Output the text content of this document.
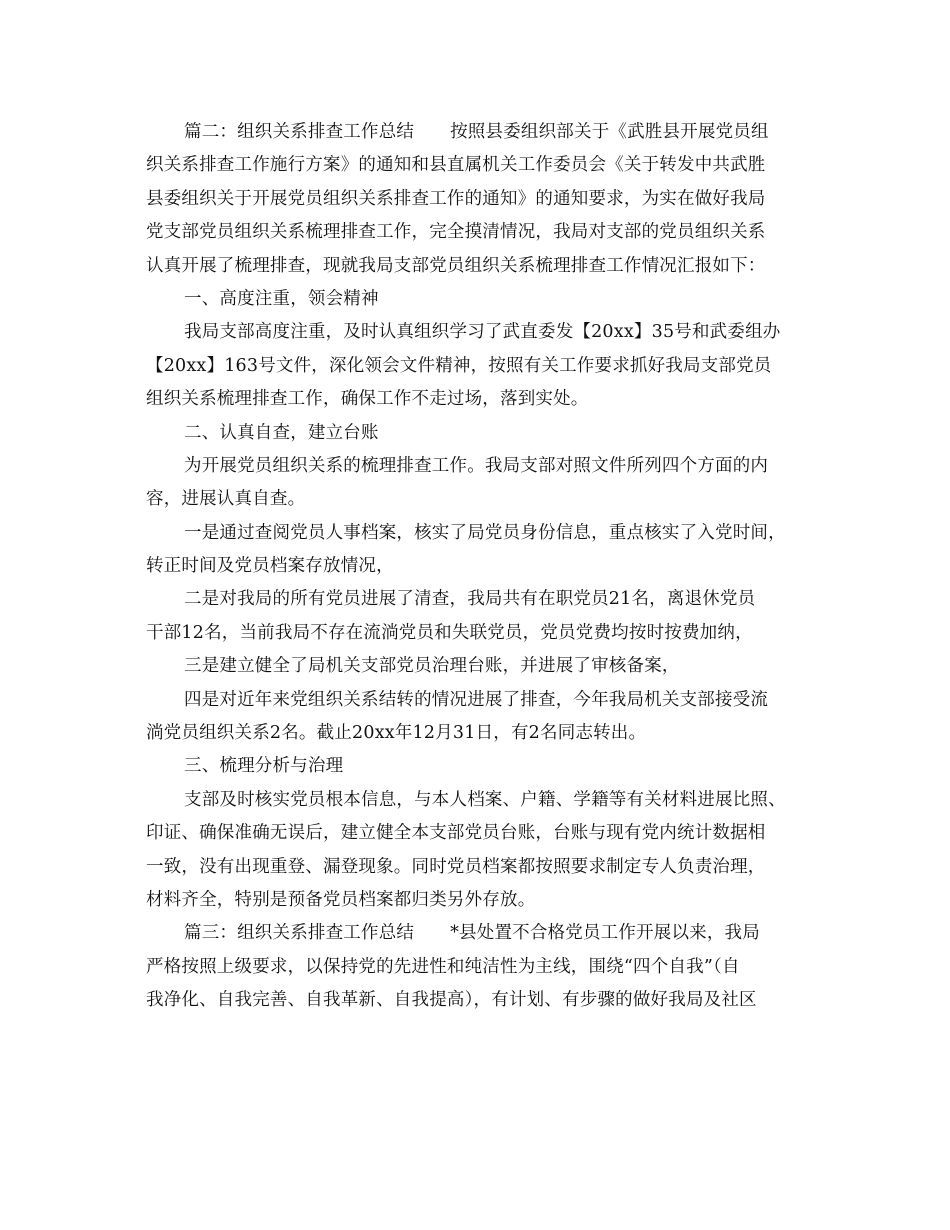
篇二：组织关系排查工作总结 按照县委组织部关于《武胜县开展党员组
织关系排查工作施行方案》的通知和县直属机关工作委员会《关于转发中共武胜
县委组织关于开展党员组织关系排查工作的通知》的通知要求，为实在做好我局
党支部党员组织关系梳理排查工作，完全摸清情况，我局对支部的党员组织关系
认真开展了梳理排查，现就我局支部党员组织关系梳理排查工作情况汇报如下：
一、高度注重，领会精神
我局支部高度注重，及时认真组织学习了武直委发【20xx】35号和武委组办
【20xx】163号文件，深化领会文件精神，按照有关工作要求抓好我局支部党员
组织关系梳理排查工作，确保工作不走过场，落到实处。
二、认真自查，建立台账
为开展党员组织关系的梳理排查工作。我局支部对照文件所列四个方面的内
容，进展认真自查。
一是通过查阅党员人事档案，核实了局党员身份信息，重点核实了入党时间，
转正时间及党员档案存放情况，
二是对我局的所有党员进展了清查，我局共有在职党员21名，离退休党员
干部12名，当前我局不存在流淌党员和失联党员，党员党费均按时按费加纳，
三是建立健全了局机关支部党员治理台账，并进展了审核备案，
四是对近年来党组织关系结转的情况进展了排查，今年我局机关支部接受流
淌党员组织关系2名。截止20xx年12月31日，有2名同志转出。
三、梳理分析与治理
支部及时核实党员根本信息，与本人档案、户籍、学籍等有关材料进展比照、
印证、确保准确无误后，建立健全本支部党员台账，台账与现有党内统计数据相
一致，没有出现重登、漏登现象。同时党员档案都按照要求制定专人负责治理，
材料齐全，特别是预备党员档案都归类另外存放。
篇三：组织关系排查工作总结 *县处置不合格党员工作开展以来，我局
严格按照上级要求，以保持党的先进性和纯洁性为主线，围绕“四个自我”（自
我净化、自我完善、自我革新、自我提高），有计划、有步骤的做好我局及社区
